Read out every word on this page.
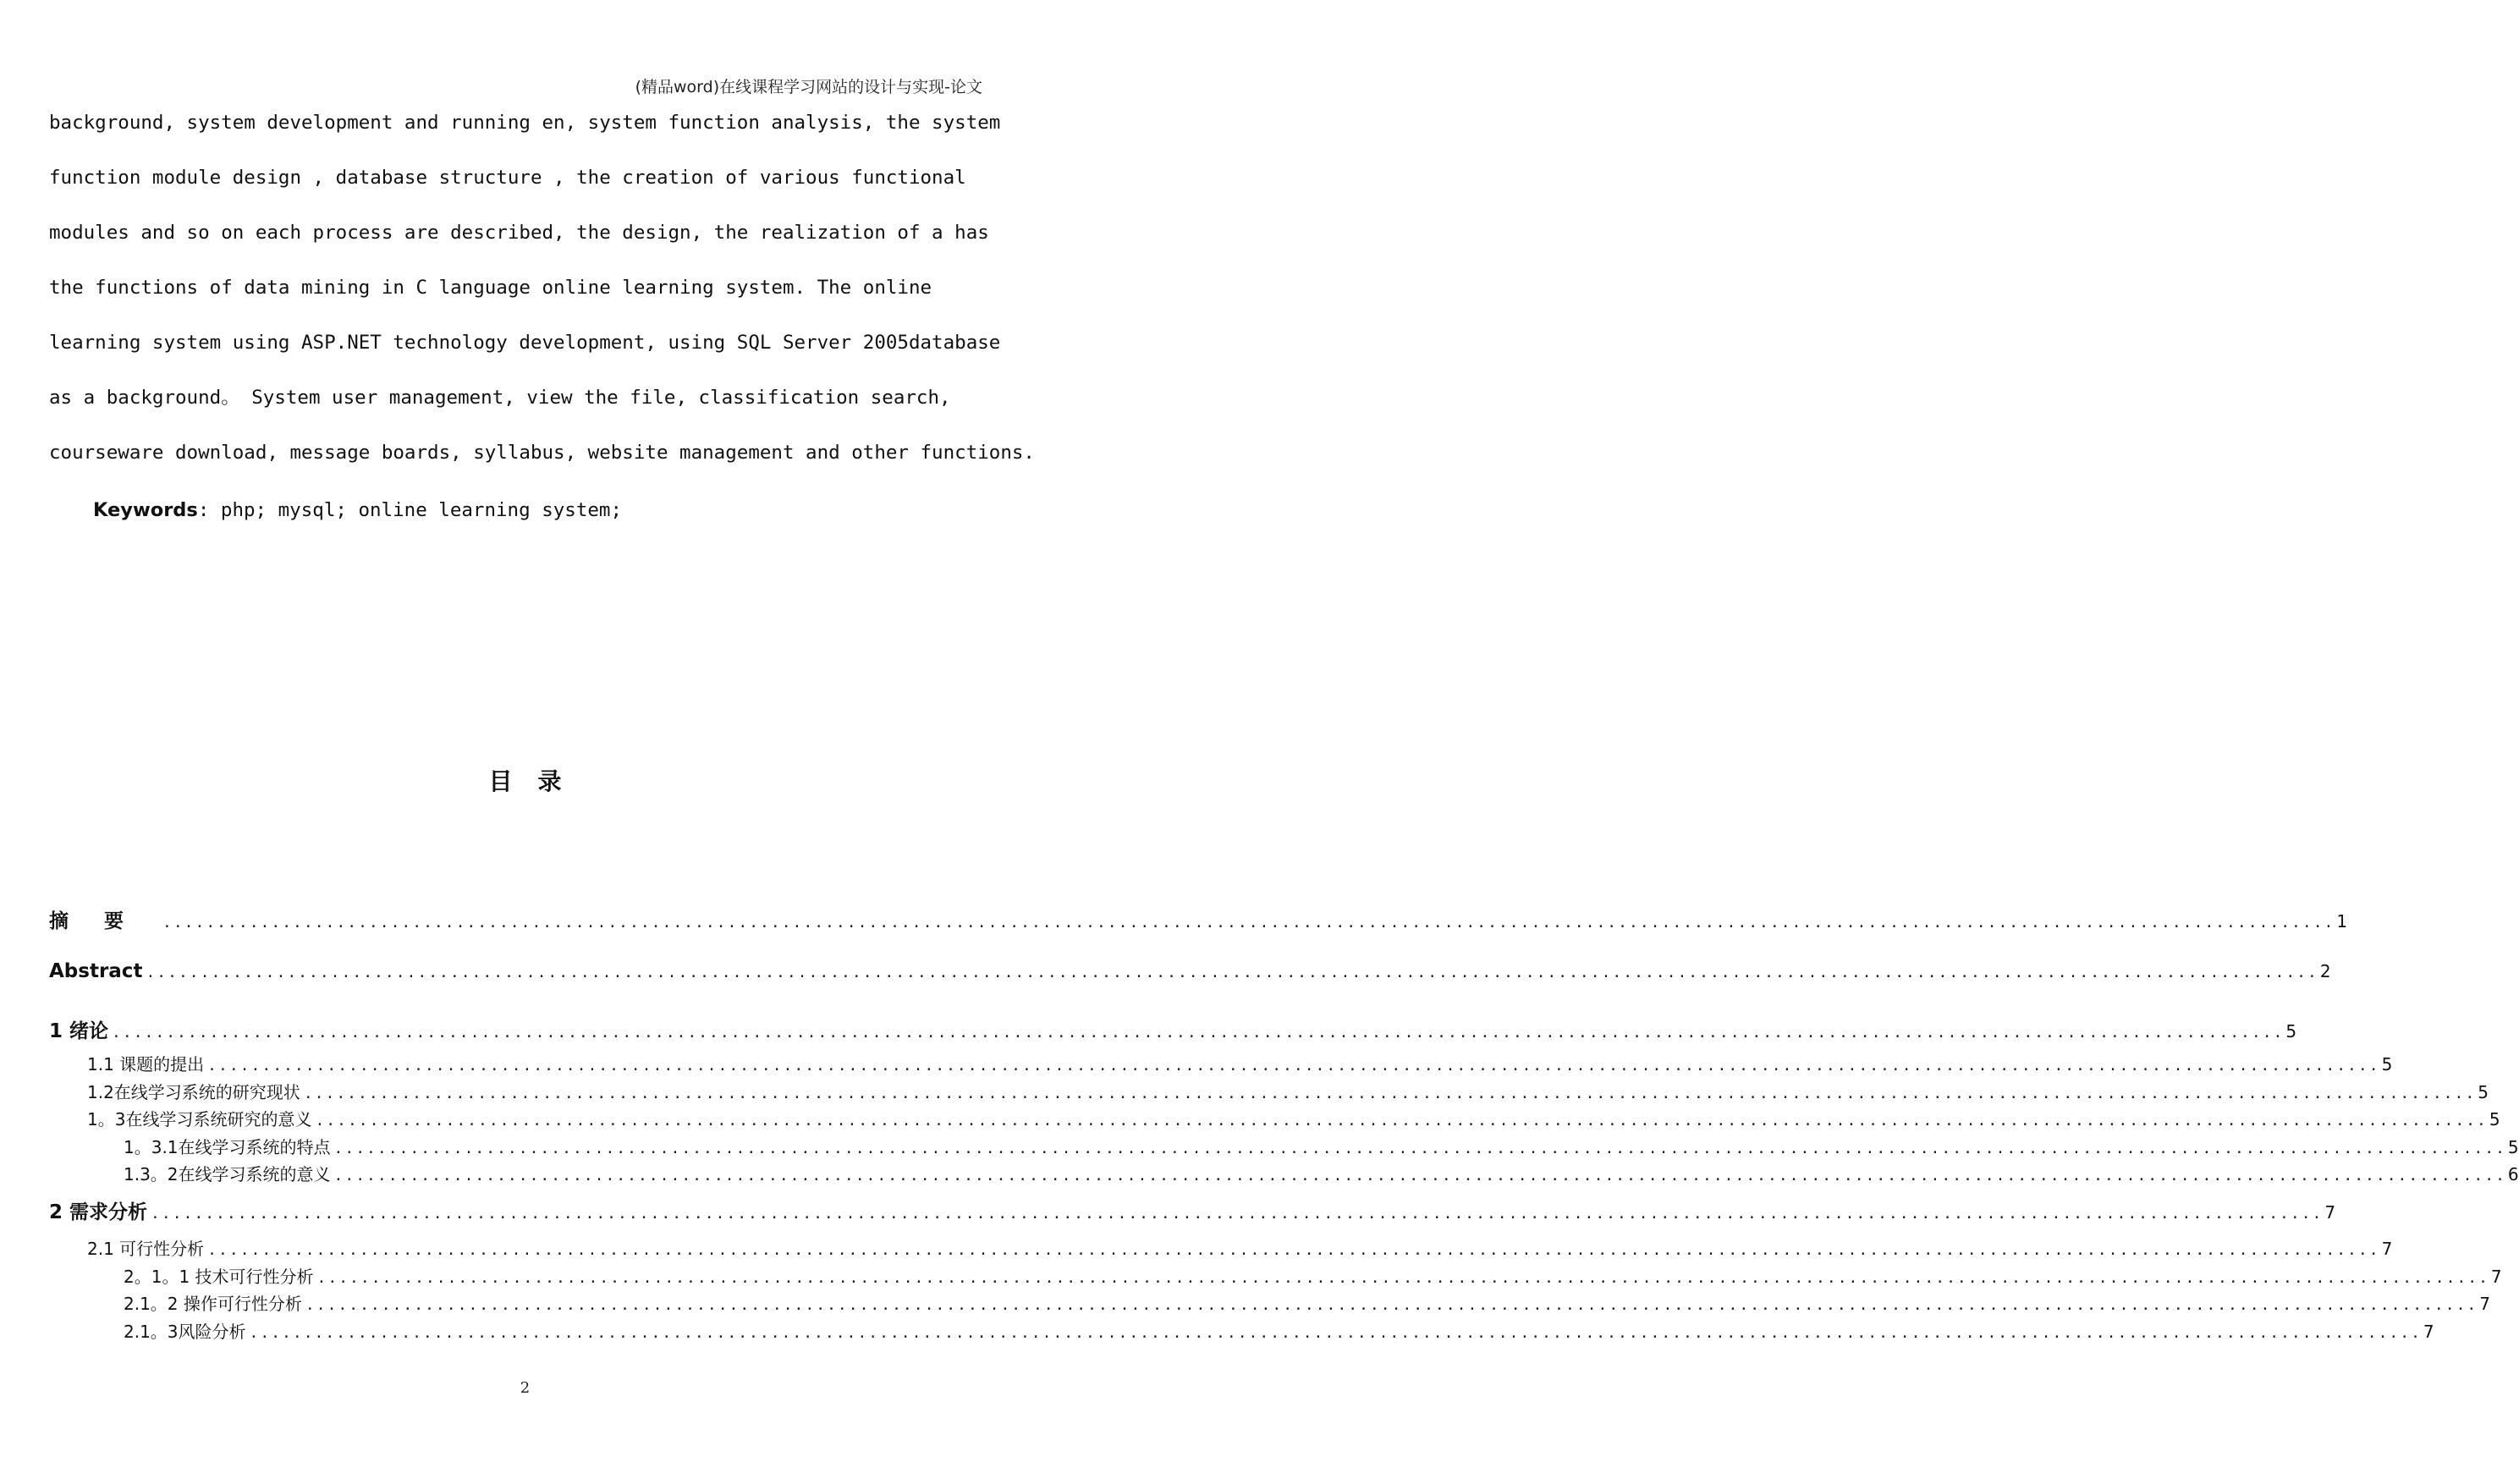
(精品word)在线课程学习网站的设计与实现-论文
background, system development and running en, system function analysis, the system
function module design , database structure , the creation of various functional
modules and so on each process are described, the design, the realization of a has
the functions of data mining in C language online learning system. The online
learning system using ASP.NET technology development, using SQL Server 2005database
as a background。 System user management, view the file, classification search,
courseware download, message boards, syllabus, website management and other functions.
Keywords: php; mysql; online learning system;
目录
摘要 ........................................................................................................................................................................................................ 1
Abstract ........................................................................................................................................................................................................ 2
1 绪论 ........................................................................................................................................................................................................ 5
1.1 课题的提出 ........................................................................................................................................................................................................ 5
1.2在线学习系统的研究现状 ........................................................................................................................................................................................................ 5
1。3在线学习系统研究的意义 ........................................................................................................................................................................................................ 5
1。3.1在线学习系统的特点 ........................................................................................................................................................................................................ 5
1.3。2在线学习系统的意义 ........................................................................................................................................................................................................ 6
2 需求分析 ........................................................................................................................................................................................................ 7
2.1 可行性分析 ........................................................................................................................................................................................................ 7
2。1。1 技术可行性分析 ........................................................................................................................................................................................................ 7
2.1。2 操作可行性分析 ........................................................................................................................................................................................................ 7
2.1。3风险分析 ........................................................................................................................................................................................................ 7
2
